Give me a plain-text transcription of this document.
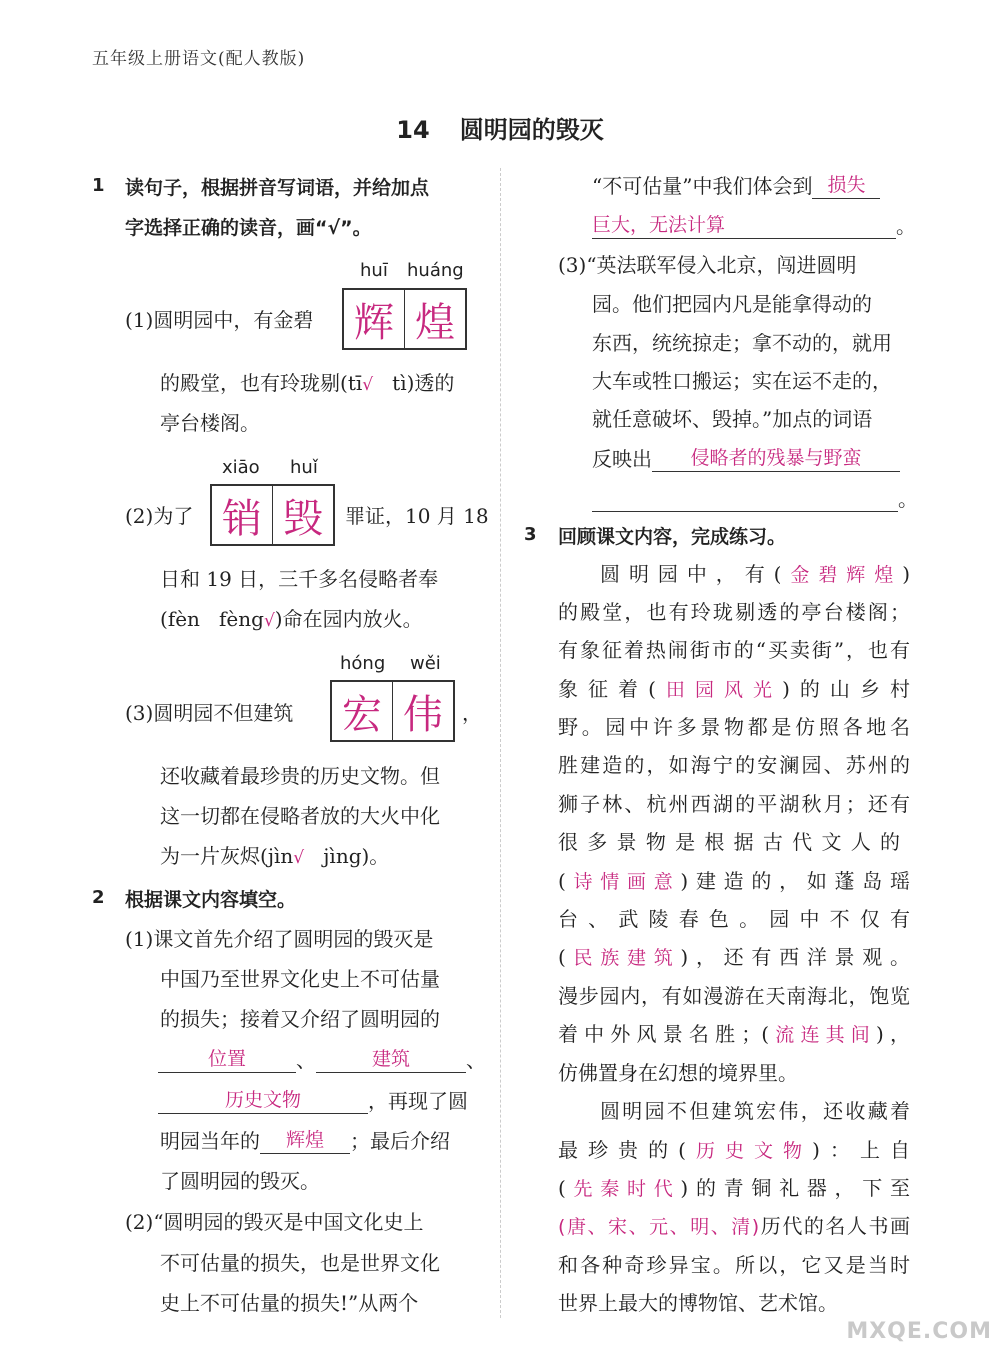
五年级上册语文(配人教版)
14 圆明园的毁灭
1 读句子，根据拼音写词语，并给加点
字选择正确的读音，画“√”。
huī huáng
(1)圆明园中，有金碧 辉 煌
的殿堂，也有玲珑剔(tī√ tì)透的
亭台楼阁。
xiāo huǐ
(2)为了 销 毁	罪证，10 月 18
日和 19 日，三千多名侵略者奉
(fèn fèng√)命在园内放火。
hóng wěi
(3)圆明园不但建筑 宏 伟 ，
还收藏着最珍贵的历史文物。但
这一切都在侵略者放的大火中化
为一片灰烬(jìn√ jìng)。
2 根据课文内容填空。
(1)课文首先介绍了圆明园的毁灭是
中国乃至世界文化史上不可估量
的损失；接着又介绍了圆明园的
位置	、	建筑	、
历史文物	，再现了圆
明园当年的 辉煌 ；最后介绍
了圆明园的毁灭。
(2)“圆明园的毁灭是中国文化史上
不可估量的损失，也是世界文化
史上不可估量的损失!”从两个
“不可估量”中我们体会到 损失
巨大，无法计算	。
(3)“英法联军侵入北京，闯进圆明
园。他们把园内凡是能拿得动的
东西，统统掠走；拿不动的，就用
大车或牲口搬运；实在运不走的，
就任意破坏、毁掉。”加点的词语
反映出 侵略者的残暴与野蛮
。
3 回顾课文内容，完成练习。
圆明园中，有(金碧辉煌)
的殿堂，也有玲珑剔透的亭台楼阁；
有象征着热闹街市的“买卖街”，也有
象征着(田园风光)的山乡村
野。园中许多景物都是仿照各地名
胜建造的，如海宁的安澜园、苏州的
狮子林、杭州西湖的平湖秋月；还有
很多景物是根据古代文人的
(诗情画意)建造的，如蓬岛瑶
台、武陵春色。园中不仅有
(民族建筑)，还有西洋景观。
漫步园内，有如漫游在天南海北，饱览
着中外风景名胜；(流连其间)，
仿佛置身在幻想的境界里。
圆明园不但建筑宏伟，还收藏着
最珍贵的(历史文物)：上自
(先秦时代)的青铜礼器，下至
(唐、宋、元、明、清)历代的名人书画
和各种奇珍异宝。所以，它又是当时
世界上最大的博物馆、艺术馆。
MXQE.COM
